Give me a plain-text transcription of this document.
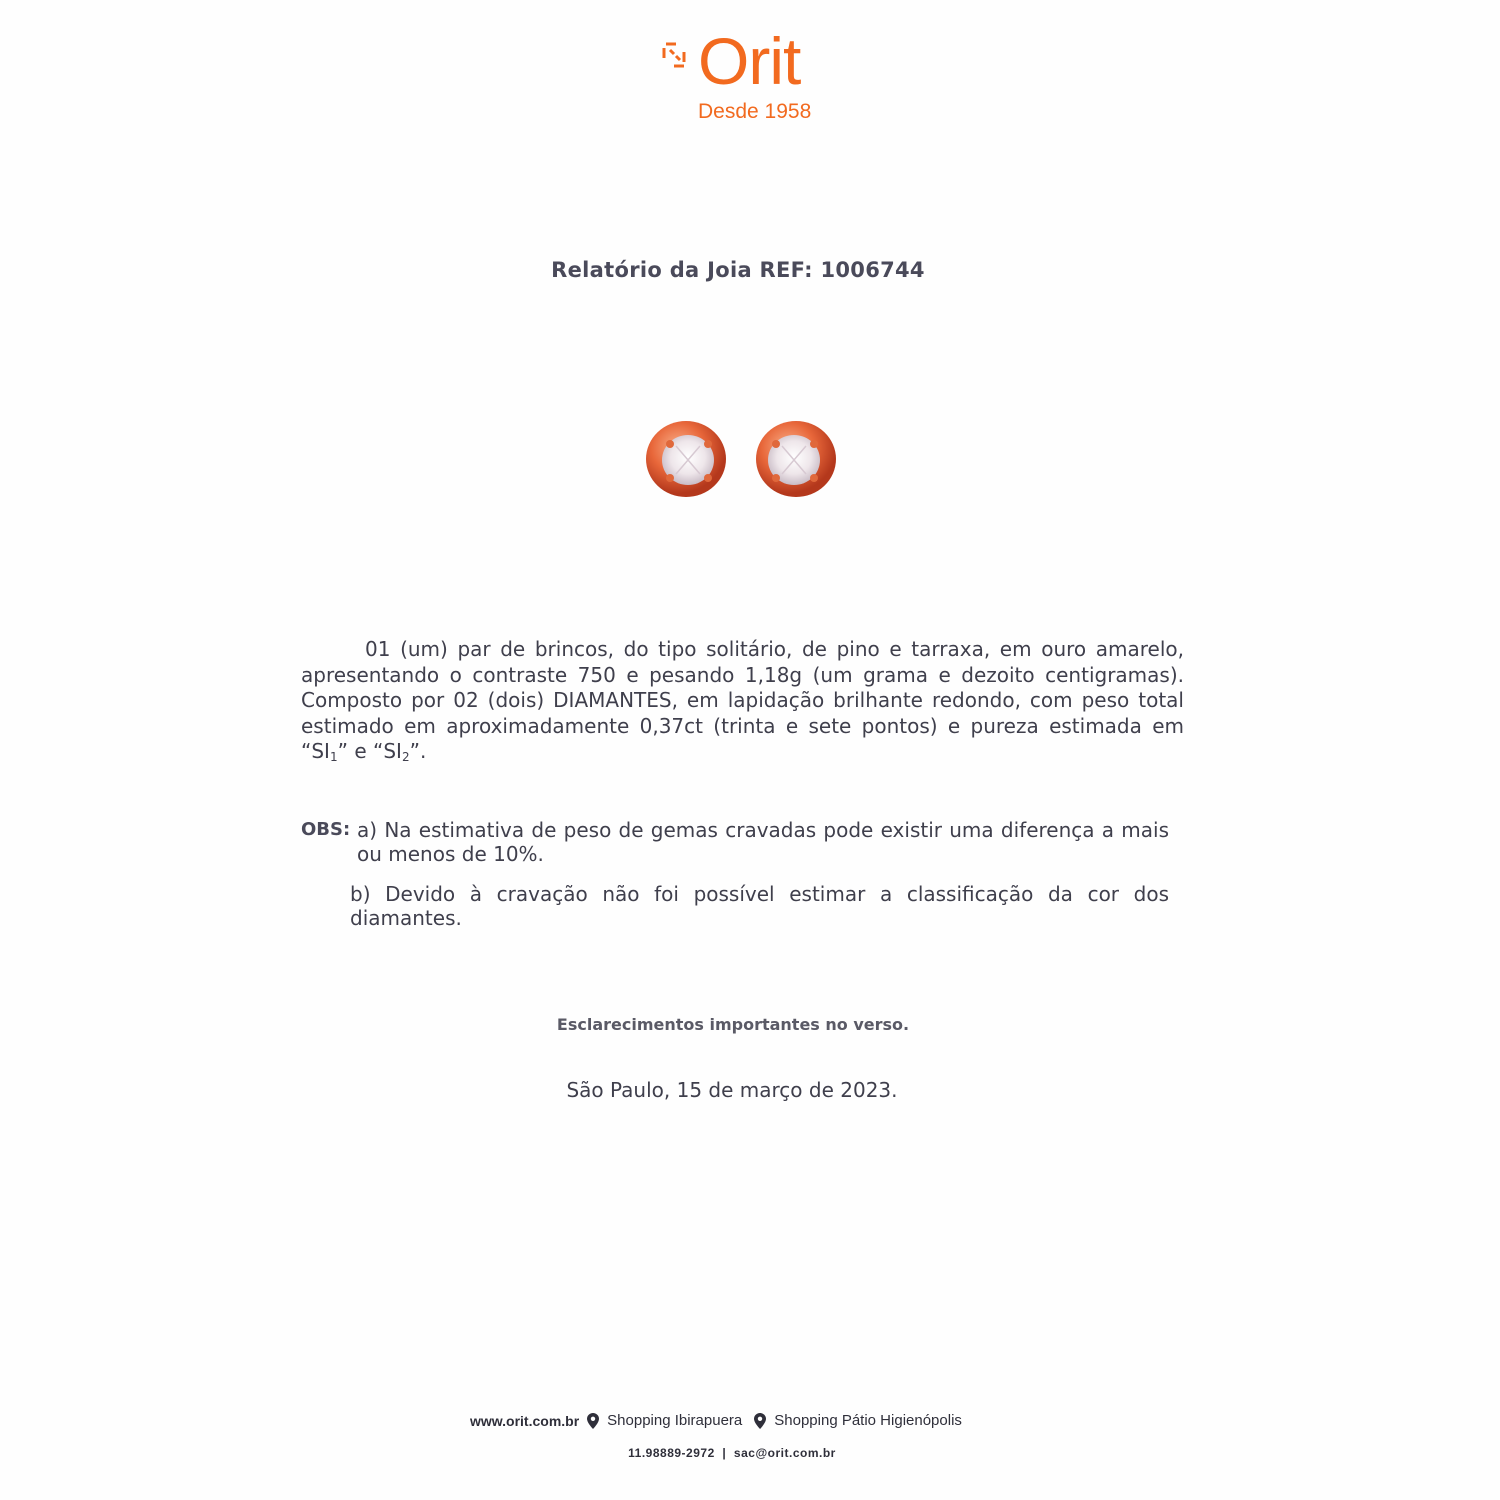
Orit
Desde 1958
Relatório da Joia REF: 1006744
01 (um) par de brincos, do tipo solitário, de pino e tarraxa, em ouro amarelo, apresentando o contraste 750 e pesando 1,18g (um grama e dezoito centigramas). Composto por 02 (dois) DIAMANTES, em lapidação brilhante redondo, com peso total estimado em aproximadamente 0,37ct (trinta e sete pontos) e pureza estimada em “$SI_1$” e “$SI_2$”.
OBS: a) Na estimativa de peso de gemas cravadas pode existir uma diferença a mais ou menos de 10%.
b) Devido à cravação não foi possível estimar a classificação da cor dos diamantes.
Esclarecimentos importantes no verso.
São Paulo, 15 de março de 2023.
www.orit.com.br Shopping Ibirapuera Shopping Pátio Higienópolis
11.98889-2972  |  sac@orit.com.br
